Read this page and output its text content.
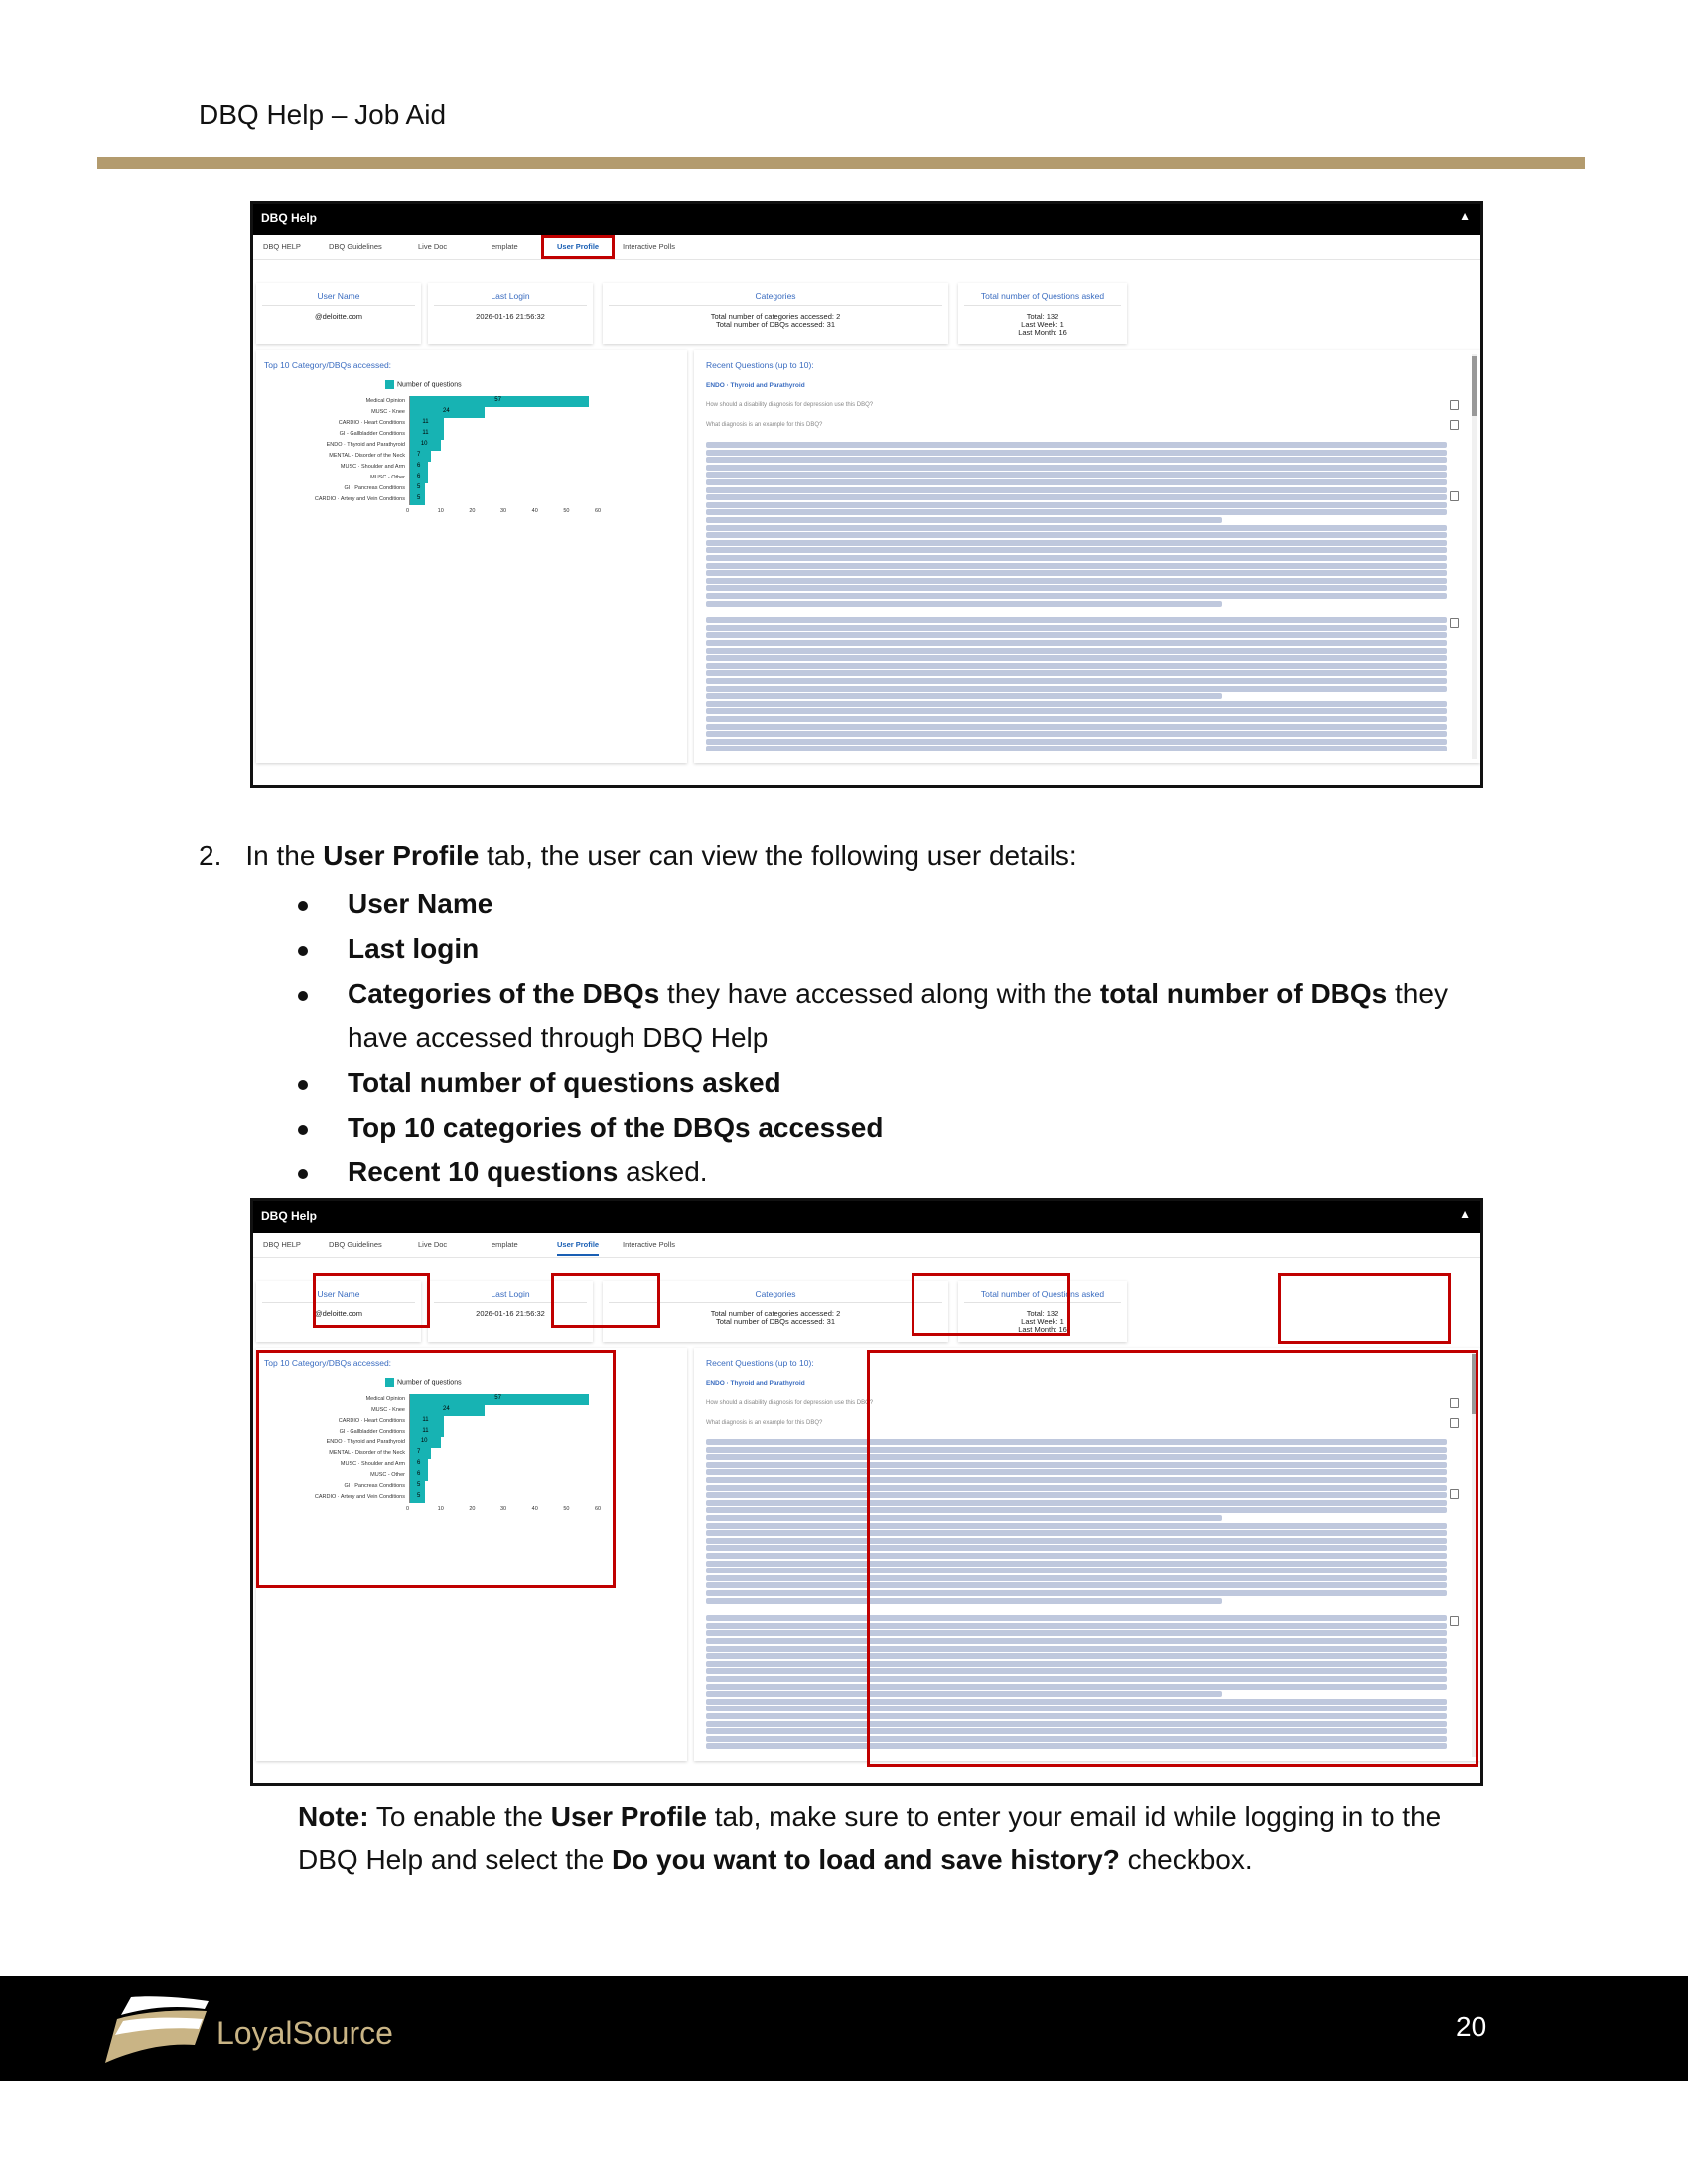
DBQ Help – Job Aid
DBQ Help	▲
DBQ HELP	DBQ Guidelines	Live Doc	emplate	User Profile	Interactive Polls
User Name
@deloitte.com
Last Login
2026-01-16 21:56:32
Categories
Total number of categories accessed: 2
Total number of DBQs accessed: 31
Total number of Questions asked
Total: 132
Last Week: 1
Last Month: 16
Top 10 Category/DBQs accessed:
Number of questions
Medical Opinion	57
MUSC - Knee	24
CARDIO · Heart Conditions	11
GI - Gallbladder Conditions	11
ENDO · Thyroid and Parathyroid	10
MENTAL - Disorder of the Neck 7
MUSC · Shoulder and Arm 6
MUSC - Other 6
GI · Pancreas Conditions 5
CARDIO · Artery and Vein Conditions 5
0	10	20	30	40	50	60
Recent Questions (up to 10):
ENDO · Thyroid and Parathyroid
How should a disability diagnosis for depression use this DBQ?
What diagnosis is an example for this DBQ?
DBQ Help	▲
DBQ HELP	DBQ Guidelines	Live Doc	emplate	User Profile	Interactive Polls
User Name
@deloitte.com
Last Login
2026-01-16 21:56:32
Categories
Total number of categories accessed: 2
Total number of DBQs accessed: 31
Total number of Questions asked
Total: 132
Last Week: 1
Last Month: 16
Top 10 Category/DBQs accessed:
Number of questions
Medical Opinion	57
MUSC - Knee	24
CARDIO · Heart Conditions	11
GI - Gallbladder Conditions	11
ENDO · Thyroid and Parathyroid	10
MENTAL - Disorder of the Neck 7
MUSC · Shoulder and Arm 6
MUSC - Other 6
GI · Pancreas Conditions 5
CARDIO · Artery and Vein Conditions 5
0	10	20	30	40	50	60
Recent Questions (up to 10):
ENDO · Thyroid and Parathyroid
How should a disability diagnosis for depression use this DBQ?
What diagnosis is an example for this DBQ?
2. In the User Profile tab, the user can view the following user details:
User Name
Last login
Categories of the DBQs they have accessed along with the total number of DBQs they have accessed through DBQ Help
Total number of questions asked
Top 10 categories of the DBQs accessed
Recent 10 questions asked.
Note: To enable the User Profile tab, make sure to enter your email id while logging in to the DBQ Help and select the Do you want to load and save history? checkbox.
LoyalSource	20
